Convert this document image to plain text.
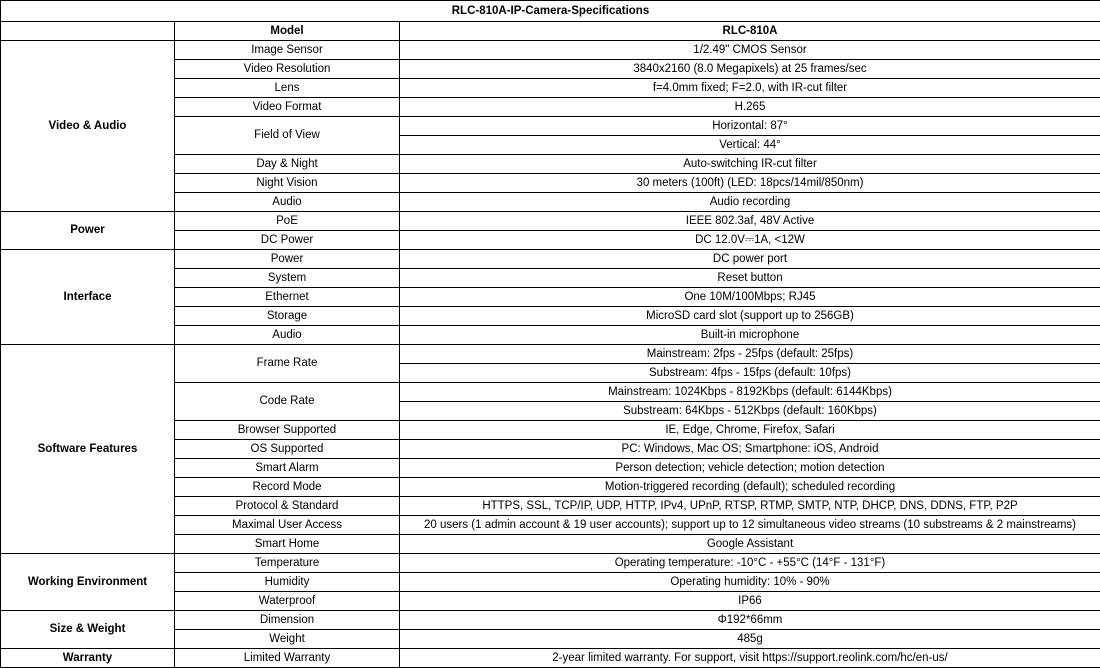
RLC-810A-IP-Camera-Specifications		
	Model	RLC-810A
Video & Audio	Image Sensor	1/2.49" CMOS Sensor
	Video Resolution	3840x2160 (8.0 Megapixels) at 25 frames/sec
	Lens	f=4.0mm fixed; F=2.0, with IR-cut filter
	Video Format	H.265
	Field of View	Horizontal: 87°
		Vertical: 44°
	Day & Night	Auto-switching IR-cut filter
	Night Vision	30 meters (100ft) (LED: 18pcs/14mil/850nm)
	Audio	Audio recording
Power	PoE	IEEE 802.3af, 48V Active
	DC Power	DC 12.0V⎓1A, <12W
Interface	Power	DC power port
	System	Reset button
	Ethernet	One 10M/100Mbps; RJ45
	Storage	MicroSD card slot (support up to 256GB)
	Audio	Built-in microphone
Software Features	Frame Rate	Mainstream: 2fps - 25fps (default: 25fps)
		Substream: 4fps - 15fps (default: 10fps)
	Code Rate	Mainstream: 1024Kbps - 8192Kbps (default: 6144Kbps)
		Substream: 64Kbps - 512Kbps (default: 160Kbps)
	Browser Supported	IE, Edge, Chrome, Firefox, Safari
	OS Supported	PC: Windows, Mac OS; Smartphone: iOS, Android
	Smart Alarm	Person detection; vehicle detection; motion detection
	Record Mode	Motion-triggered recording (default); scheduled recording
	Protocol & Standard	HTTPS, SSL, TCP/IP, UDP, HTTP, IPv4, UPnP, RTSP, RTMP, SMTP, NTP, DHCP, DNS, DDNS, FTP, P2P
	Maximal User Access	20 users (1 admin account & 19 user accounts); support up to 12 simultaneous video streams (10 substreams & 2 mainstreams)
	Smart Home	Google Assistant
Working Environment	Temperature	Operating temperature: -10°C - +55°C (14°F - 131°F)
	Humidity	Operating humidity: 10% - 90%
	Waterproof	IP66
Size & Weight	Dimension	Φ192*66mm
	Weight	485g
Warranty	Limited Warranty	2-year limited warranty. For support, visit https://support.reolink.com/hc/en-us/
